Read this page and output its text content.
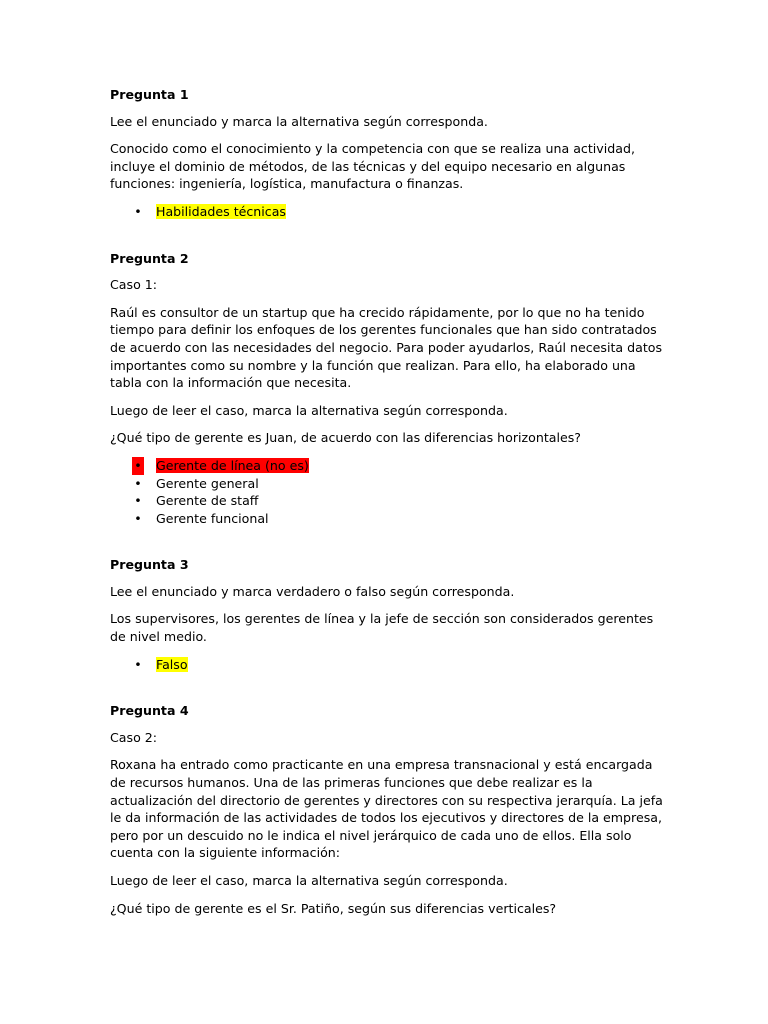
Pregunta 1

Lee el enunciado y marca la alternativa según corresponda.

Conocido como el conocimiento y la competencia con que se realiza una actividad, incluye el dominio de métodos, de las técnicas y del equipo necesario en algunas funciones: ingeniería, logística, manufactura o finanzas.

• Habilidades técnicas
Pregunta 2

Caso 1:

Raúl es consultor de un startup que ha crecido rápidamente, por lo que no ha tenido tiempo para definir los enfoques de los gerentes funcionales que han sido contratados de acuerdo con las necesidades del negocio. Para poder ayudarlos, Raúl necesita datos importantes como su nombre y la función que realizan. Para ello, ha elaborado una tabla con la información que necesita.

Luego de leer el caso, marca la alternativa según corresponda.

¿Qué tipo de gerente es Juan, de acuerdo con las diferencias horizontales?

• Gerente de línea (no es)
• Gerente general
• Gerente de staff
• Gerente funcional
Pregunta 3

Lee el enunciado y marca verdadero o falso según corresponda.

Los supervisores, los gerentes de línea y la jefe de sección son considerados gerentes de nivel medio.

• Falso
Pregunta 4

Caso 2:

Roxana ha entrado como practicante en una empresa transnacional y está encargada de recursos humanos. Una de las primeras funciones que debe realizar es la actualización del directorio de gerentes y directores con su respectiva jerarquía. La jefa le da información de las actividades de todos los ejecutivos y directores de la empresa, pero por un descuido no le indica el nivel jerárquico de cada uno de ellos. Ella solo cuenta con la siguiente información:

Luego de leer el caso, marca la alternativa según corresponda.

¿Qué tipo de gerente es el Sr. Patiño, según sus diferencias verticales?
